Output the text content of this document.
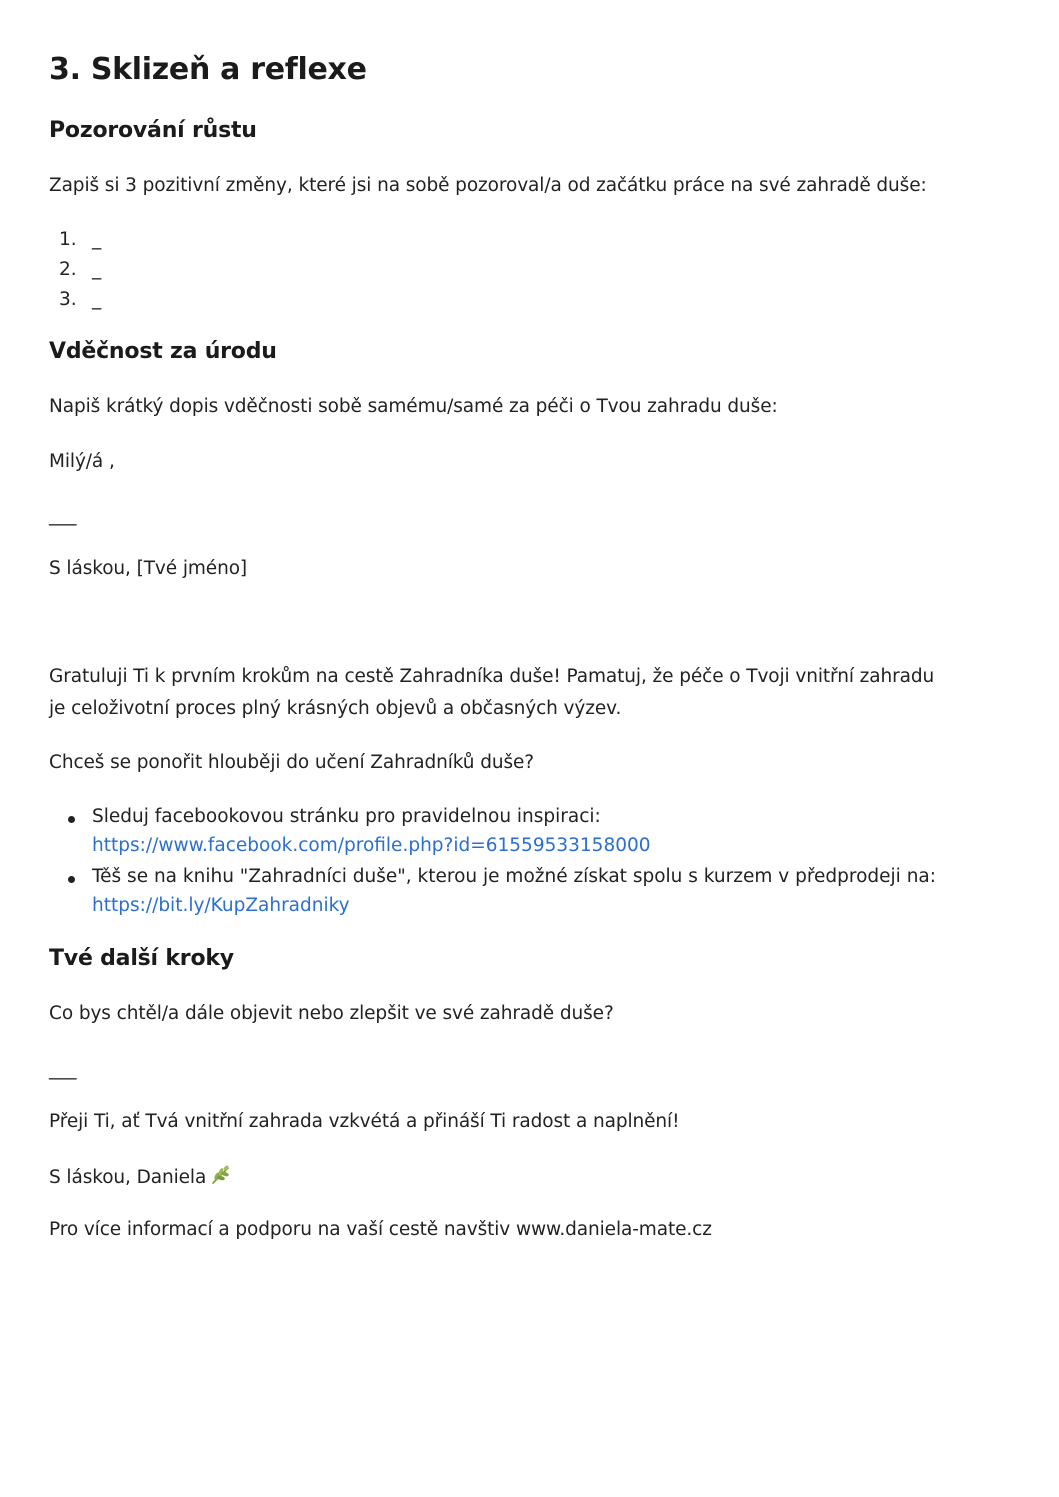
3. Sklizeň a reflexe
Pozorování růstu
Zapiš si 3 pozitivní změny, které jsi na sobě pozoroval/a od začátku práce na své zahradě duše:
1. _
2. _
3. _
Vděčnost za úrodu
Napiš krátký dopis vděčnosti sobě samému/samé za péči o Tvou zahradu duše:
Milý/á ,
___
S láskou, [Tvé jméno]
Gratuluji Ti k prvním krokům na cestě Zahradníka duše! Pamatuj, že péče o Tvoji vnitřní zahradu
je celoživotní proces plný krásných objevů a občasných výzev.
Chceš se ponořit hlouběji do učení Zahradníků duše?
Sleduj facebookovou stránku pro pravidelnou inspiraci:
https://www.facebook.com/profile.php?id=61559533158000
Těš se na knihu "Zahradníci duše", kterou je možné získat spolu s kurzem v předprodeji na:
https://bit.ly/KupZahradniky
Tvé další kroky
Co bys chtěl/a dále objevit nebo zlepšit ve své zahradě duše?
___
Přeji Ti, ať Tvá vnitřní zahrada vzkvétá a přináší Ti radost a naplnění!
S láskou, Daniela
Pro více informací a podporu na vaší cestě navštiv www.daniela-mate.cz
